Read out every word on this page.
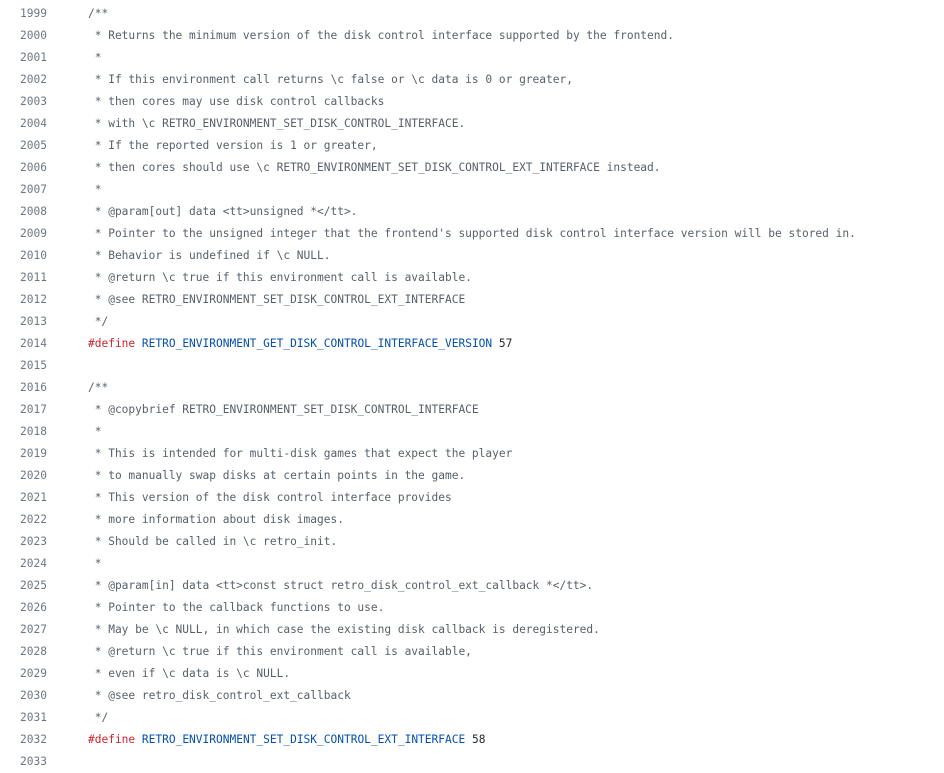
1999	/**
2000	* Returns the minimum version of the disk control interface supported by the frontend.
2001	*
2002	* If this environment call returns \c false or \c data is 0 or greater,
2003	* then cores may use disk control callbacks
2004	* with \c RETRO_ENVIRONMENT_SET_DISK_CONTROL_INTERFACE.
2005	* If the reported version is 1 or greater,
2006	* then cores should use \c RETRO_ENVIRONMENT_SET_DISK_CONTROL_EXT_INTERFACE instead.
2007	*
2008	* @param[out] data <tt>unsigned *</tt>.
2009	* Pointer to the unsigned integer that the frontend's supported disk control interface version will be stored in.
2010	* Behavior is undefined if \c NULL.
2011	* @return \c true if this environment call is available.
2012	* @see RETRO_ENVIRONMENT_SET_DISK_CONTROL_EXT_INTERFACE
2013	*/
2014	#define RETRO_ENVIRONMENT_GET_DISK_CONTROL_INTERFACE_VERSION 57
2015
2016	/**
2017	* @copybrief RETRO_ENVIRONMENT_SET_DISK_CONTROL_INTERFACE
2018	*
2019	* This is intended for multi-disk games that expect the player
2020	* to manually swap disks at certain points in the game.
2021	* This version of the disk control interface provides
2022	* more information about disk images.
2023	* Should be called in \c retro_init.
2024	*
2025	* @param[in] data <tt>const struct retro_disk_control_ext_callback *</tt>.
2026	* Pointer to the callback functions to use.
2027	* May be \c NULL, in which case the existing disk callback is deregistered.
2028	* @return \c true if this environment call is available,
2029	* even if \c data is \c NULL.
2030	* @see retro_disk_control_ext_callback
2031	*/
2032	#define RETRO_ENVIRONMENT_SET_DISK_CONTROL_EXT_INTERFACE 58
2033
